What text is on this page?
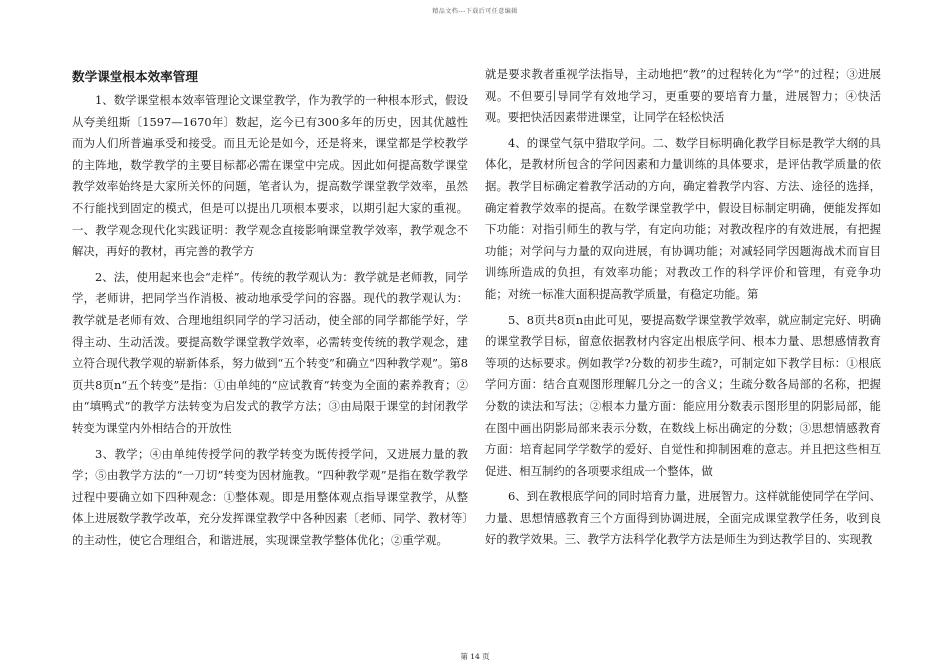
精品文档---下载后可任意编辑
数学课堂根本效率管理

1、数学课堂根本效率管理论文课堂教学，作为教学的一种根本形式，假设从夸美纽斯〔1597—1670年〕数起，迄今已有300多年的历史，因其优越性而为人们所普遍承受和接受。而且无论是如今，还是将来，课堂都是学校教学的主阵地，数学教学的主要目标都必需在课堂中完成。因此如何提高数学课堂教学效率始终是大家所关怀的问题，笔者认为，提高数学课堂教学效率，虽然不行能找到固定的模式，但是可以提出几项根本要求，以期引起大家的重视。一、教学观念现代化实践证明：教学观念直接影响课堂教学效率，教学观念不解决，再好的教材，再完善的教学方

2、法，使用起来也会“走样”。传统的教学观认为：教学就是老师教，同学学，老师讲，把同学当作消极、被动地承受学问的容器。现代的教学观认为：教学就是老师有效、合理地组织同学的学习活动，使全部的同学都能学好，学得主动、生动活泼。要提高数学课堂教学效率，必需转变传统的教学观念，建立符合现代教学观的崭新体系，努力做到“五个转变”和确立“四种教学观”。第8页共8页n“五个转变”是指：①由单纯的“应试教育”转变为全面的素养教育；②由“填鸭式”的教学方法转变为启发式的教学方法；③由局限于课堂的封闭教学转变为课堂内外相结合的开放性

3、教学；④由单纯传授学问的教学转变为既传授学问，又进展力量的教学；⑤由教学方法的“一刀切”转变为因材施教。“四种教学观”是指在数学教学过程中要确立如下四种观念：①整体观。即是用整体观点指导课堂教学，从整体上进展数学教学改革，充分发挥课堂教学中各种因素〔老师、同学、教材等〕的主动性，使它合理组合，和谐进展，实现课堂教学整体优化；②重学观。

就是要求教者重视学法指导，主动地把“教”的过程转化为“学”的过程；③进展观。不但要引导同学有效地学习，更重要的要培育力量，进展智力；④快活观。要把快活因素带进课堂，让同学在轻松快活

4、的课堂气氛中猎取学问。二、数学目标明确化教学目标是教学大纲的具体化，是教材所包含的学问因素和力量训练的具体要求，是评估教学质量的依据。教学目标确定着教学活动的方向，确定着教学内容、方法、途径的选择，确定着教学效率的提高。在数学课堂教学中，假设目标制定明确，便能发挥如下功能：对指引师生的教与学，有定向功能；对教改程序的有效进展，有把握功能；对学问与力量的双向进展，有协调功能；对减轻同学因题海战术而盲目训练所造成的负担，有效率功能；对教改工作的科学评价和管理，有竞争功能；对统一标准大面积提高教学质量，有稳定功能。第

5、8页共8页n由此可见，要提高数学课堂教学效率，就应制定完好、明确的课堂教学目标，留意依据教材内容定出根底学问、根本力量、思想感情教育等项的达标要求。例如教学?分数的初步生疏?，可制定如下教学目标：①根底学问方面：结合直观图形理解几分之一的含义；生疏分数各局部的名称，把握分数的读法和写法；②根本力量方面：能应用分数表示图形里的阴影局部，能在图中画出阴影局部来表示分数，在数线上标出确定的分数；③思想情感教育方面：培育起同学学数学的爱好、自觉性和抑制困难的意志。并且把这些相互促进、相互制约的各项要求组成一个整体，做

6、到在教根底学问的同时培育力量，进展智力。这样就能使同学在学问、力量、思想情感教育三个方面得到协调进展，全面完成课堂教学任务，收到良好的教学效果。三、教学方法科学化教学方法是师生为到达教学目的、实现教

第 14 页
